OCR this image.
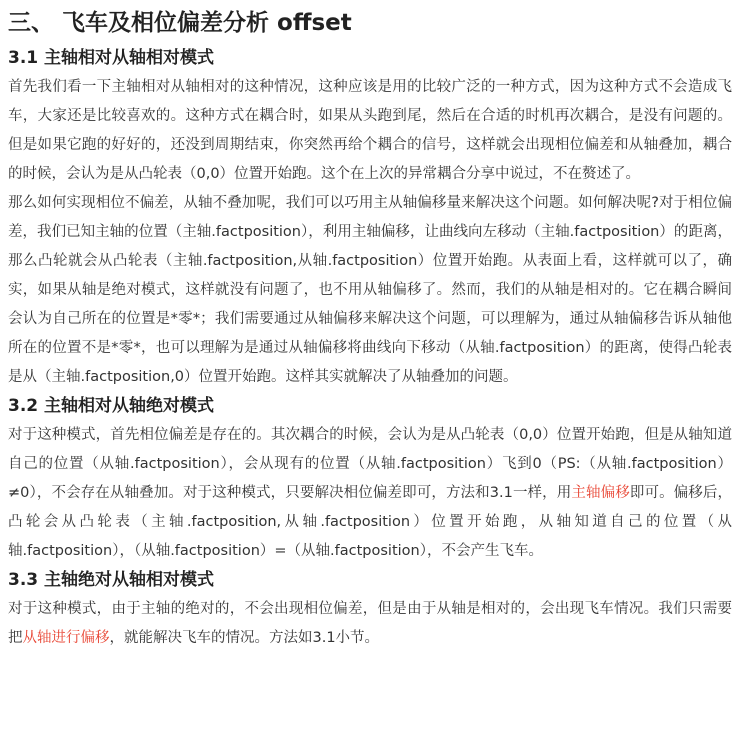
三、 飞车及相位偏差分析 offset
3.1 主轴相对从轴相对模式

首先我们看一下主轴相对从轴相对的这种情况，这种应该是用的比较广泛的一种方式，因为这种方式不会造成飞车，大家还是比较喜欢的。这种方式在耦合时，如果从头跑到尾，然后在合适的时机再次耦合，是没有问题的。但是如果它跑的好好的，还没到周期结束，你突然再给个耦合的信号，这样就会出现相位偏差和从轴叠加，耦合的时候，会认为是从凸轮表（0,0）位置开始跑。这个在上次的异常耦合分享中说过，不在赘述了。

那么如何实现相位不偏差，从轴不叠加呢，我们可以巧用主从轴偏移量来解决这个问题。如何解决呢?对于相位偏差，我们已知主轴的位置（主轴.factposition），利用主轴偏移，让曲线向左移动（主轴.factposition）的距离，那么凸轮就会从凸轮表（主轴.factposition,从轴.factposition）位置开始跑。从表面上看，这样就可以了，确实，如果从轴是绝对模式，这样就没有问题了，也不用从轴偏移了。然而，我们的从轴是相对的。它在耦合瞬间会认为自己所在的位置是*零*；我们需要通过从轴偏移来解决这个问题，可以理解为，通过从轴偏移告诉从轴他所在的位置不是*零*，也可以理解为是通过从轴偏移将曲线向下移动（从轴.factposition）的距离，使得凸轮表是从（主轴.factposition,0）位置开始跑。这样其实就解决了从轴叠加的问题。

3.2 主轴相对从轴绝对模式

对于这种模式，首先相位偏差是存在的。其次耦合的时候，会认为是从凸轮表（0,0）位置开始跑，但是从轴知道自己的位置（从轴.factposition），会从现有的位置（从轴.factposition）飞到0（PS:（从轴.factposition）≠0），不会存在从轴叠加。对于这种模式，只要解决相位偏差即可，方法和3.1一样，用主轴偏移即可。偏移后，凸轮会从凸轮表（主轴.factposition,从轴.factposition）位置开始跑，从轴知道自己的位置（从轴.factposition），（从轴.factposition）=（从轴.factposition），不会产生飞车。

3.3 主轴绝对从轴相对模式

对于这种模式，由于主轴的绝对的，不会出现相位偏差，但是由于从轴是相对的，会出现飞车情况。我们只需要把从轴进行偏移，就能解决飞车的情况。方法如3.1小节。
